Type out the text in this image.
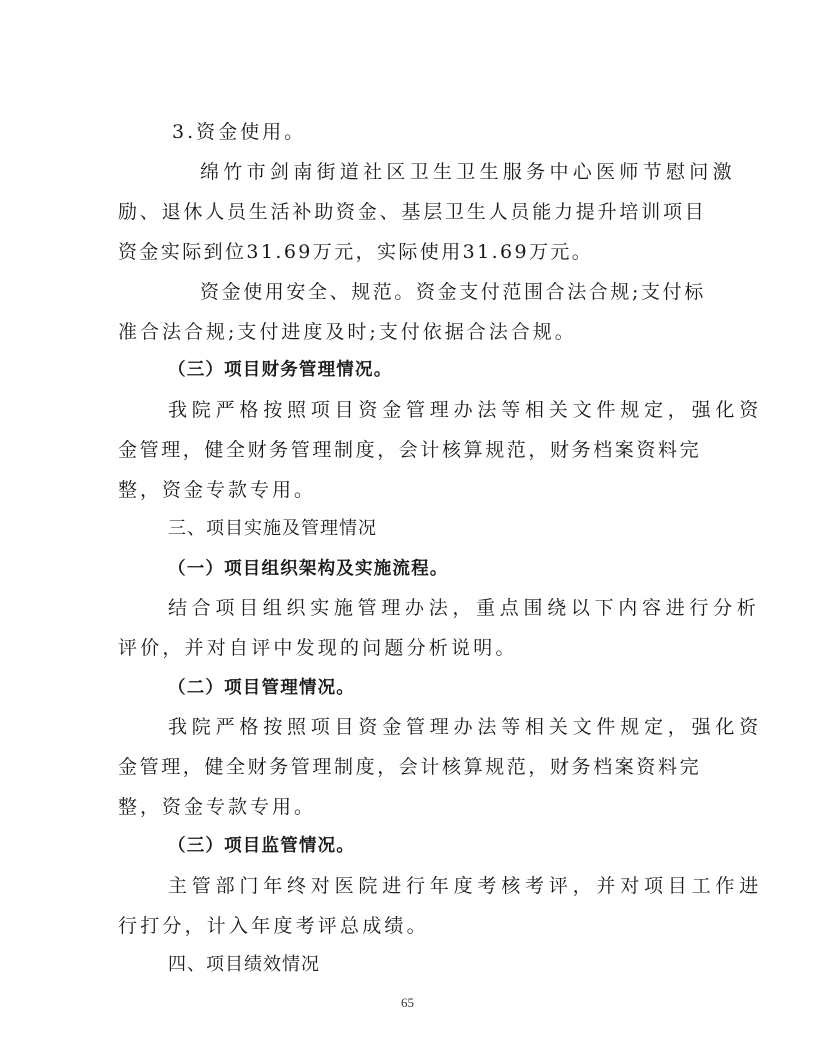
3.资金使用。

绵竹市剑南街道社区卫生卫生服务中心医师节慰问激

励、退休人员生活补助资金、基层卫生人员能力提升培训项目

资金实际到位31.69万元，实际使用31.69万元。

资金使用安全、规范。资金支付范围合法合规;支付标

准合法合规;支付进度及时;支付依据合法合规。

（三）项目财务管理情况。

我院严格按照项目资金管理办法等相关文件规定，强化资

金管理，健全财务管理制度，会计核算规范，财务档案资料完

整，资金专款专用。

三、项目实施及管理情况

（一）项目组织架构及实施流程。

结合项目组织实施管理办法，重点围绕以下内容进行分析

评价，并对自评中发现的问题分析说明。

（二）项目管理情况。

我院严格按照项目资金管理办法等相关文件规定，强化资

金管理，健全财务管理制度，会计核算规范，财务档案资料完

整，资金专款专用。

（三）项目监管情况。

主管部门年终对医院进行年度考核考评，并对项目工作进

行打分，计入年度考评总成绩。

四、项目绩效情况

65
